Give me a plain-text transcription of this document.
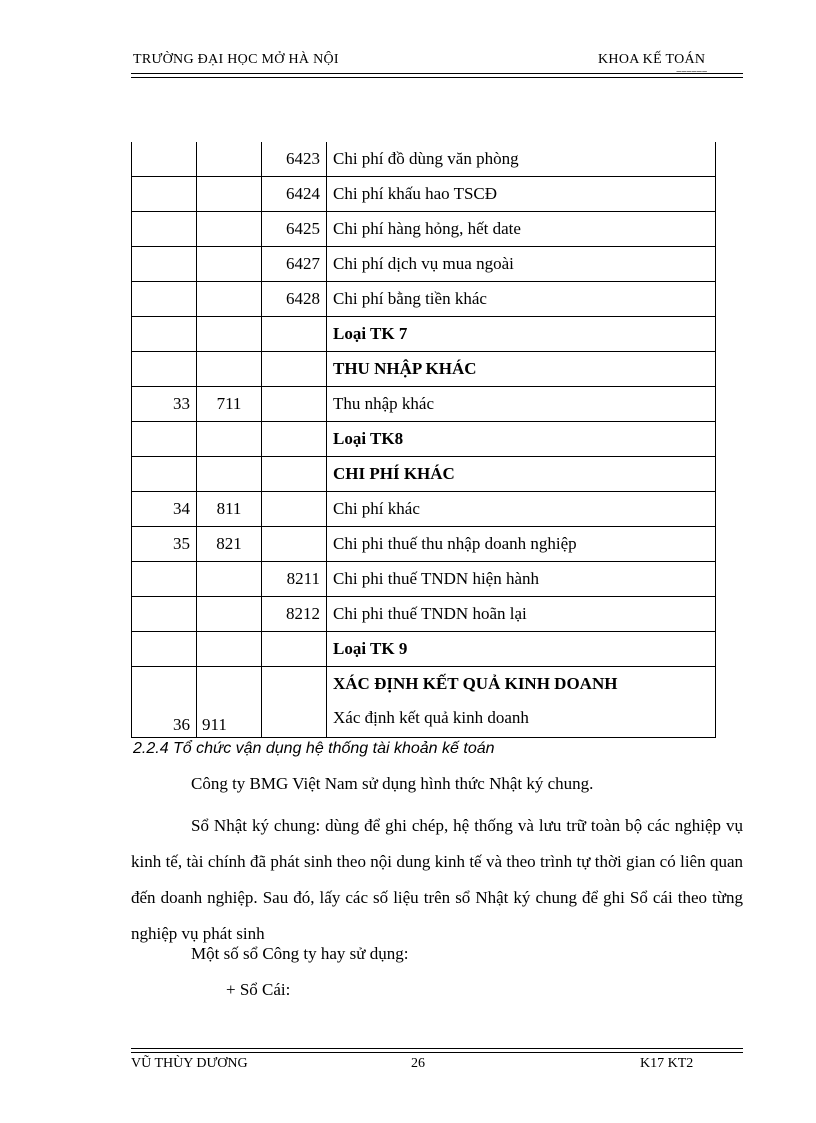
TRƯỜNG ĐẠI HỌC MỞ HÀ NỘI	KHOA KẾ TOÁN
======
		6423	Chi phí đồ dùng văn phòng
		6424	Chi phí khấu hao TSCĐ
		6425	Chi phí hàng hỏng, hết date
		6427	Chi phí dịch vụ mua ngoài
		6428	Chi phí bằng tiền khác
			Loại TK 7
			THU NHẬP KHÁC
33	711		Thu nhập khác
			Loại TK8
			CHI PHÍ KHÁC
34	811		Chi phí khác
35	821		Chi phi thuế thu nhập doanh nghiệp
		8211	Chi phi thuế TNDN hiện hành
		8212	Chi phi thuế TNDN hoãn lại
			Loại TK 9
36	911		XÁC ĐỊNH KẾT QUẢ KINH DOANH
Xác định kết quả kinh doanh
2.2.4 Tổ chức vận dụng hệ thống tài khoản kế toán

Công ty BMG Việt Nam sử dụng hình thức Nhật ký chung.

Sổ Nhật ký chung: dùng để ghi chép, hệ thống và lưu trữ toàn bộ các nghiệp vụ kinh tế, tài chính đã phát sinh theo nội dung kinh tế và theo trình tự thời gian có liên quan đến doanh nghiệp. Sau đó, lấy các số liệu trên sổ Nhật ký chung để ghi Sổ cái theo từng nghiệp vụ phát sinh

Một số sổ Công ty hay sử dụng:

+ Sổ Cái:

VŨ THÙY DƯƠNG	26	K17 KT2
